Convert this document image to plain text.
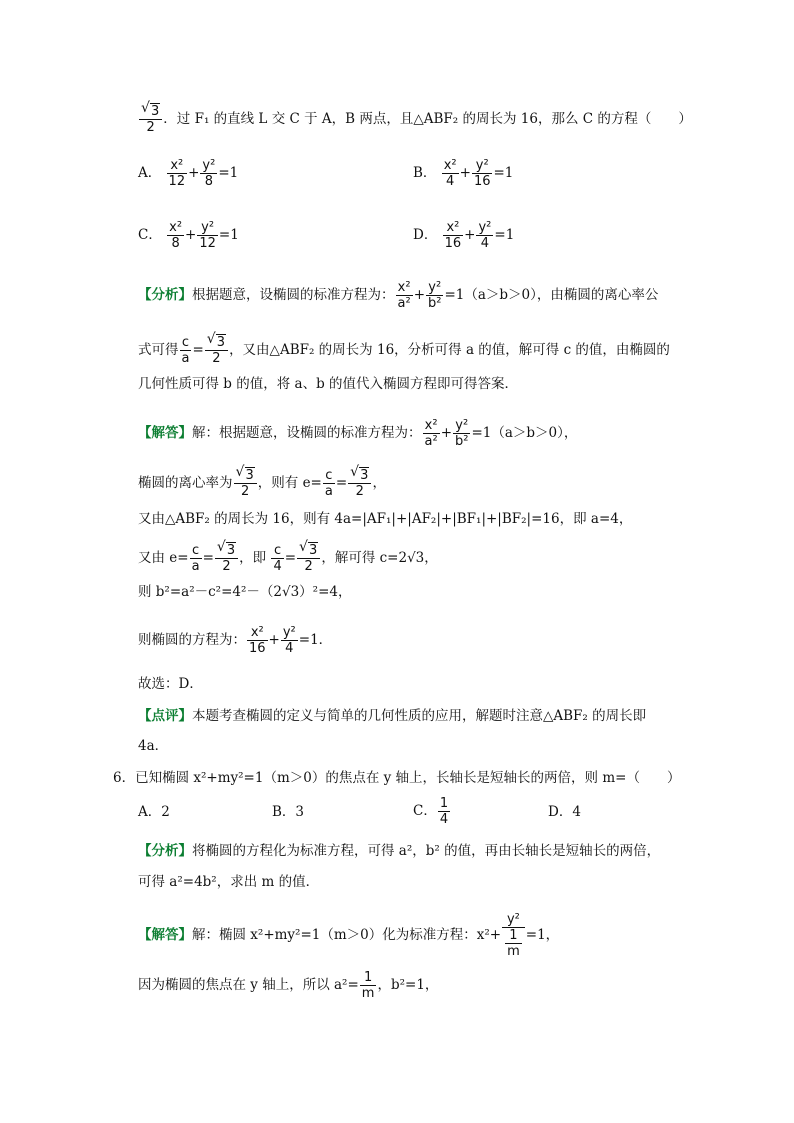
$\frac{√ 3}{2}$ ．过 F₁ 的直线 L 交 C 于 A，B 两点，且△ABF₂ 的周长为 16，那么 C 的方程（　　）
A． $\frac{\text{x²}}{12} + \frac{\text{y²}}{8} =1$	B． $\frac{\text{x²}}{4} + \frac{\text{y²}}{16} =1$
C． $\frac{\text{x²}}{8} + \frac{\text{y²}}{12} =1$	D． $\frac{\text{x²}}{16} + \frac{\text{y²}}{4} =1$
【分析】根据题意，设椭圆的标准方程为： $\frac{\text{x²}}{\text{a²}} + \frac{\text{y²}}{\text{b²}} =1(a>b>0)$，由椭圆的离心率公
式可得 $\frac{c}{a} = \frac{√ 3}{2}$ ，又由△ABF₂ 的周长为 16，分析可得 a 的值，解可得 c 的值，由椭圆的
几何性质可得 b 的值，将 a、b 的值代入椭圆方程即可得答案．
【解答】解：根据题意，设椭圆的标准方程为： $\frac{\text{x²}}{\text{a²}} + \frac{\text{y²}}{\text{b²}} =1(a>b>0)$，
椭圆的离心率为 $\frac{√ 3}{2}$ ，则有 $e= \frac{c}{a} = \frac{√ 3}{2}$ ，
又由△ABF₂ 的周长为 16，则有 4a=|AF₁|+|AF₂|+|BF₁|+|BF₂|=16，即 a=4，
又由 $e= \frac{c}{a} = \frac{√ 3}{2}$ ，即 $\frac{c}{4} = \frac{√ 3}{2}$ ，解可得 c=2√3，
则 b²=a²－c²=4²－（2√3）²=4，
则椭圆的方程为： $\frac{\text{x²}}{16} + \frac{\text{y²}}{4} =1$．
故选：D．
【点评】本题考查椭圆的定义与简单的几何性质的应用，解题时注意△ABF₂ 的周长即
4a．
6．已知椭圆 x²+my²=1（m＞0）的焦点在 y 轴上，长轴长是短轴长的两倍，则 m=（　　）
A．2	B．3	C． $\frac{1}{4}$	D．4
【分析】将椭圆的方程化为标准方程，可得 a²，b² 的值，再由长轴长是短轴长的两倍，
可得 a²=4b²，求出 m 的值．
【解答】解：椭圆 x²+my²=1（m＞0）化为标准方程：$x^2+ \frac{\text{y²}}{\frac{1}{m}} =1$，
因为椭圆的焦点在 y 轴上，所以 $a^2= \frac{1}{m}$ ，b²=1，
